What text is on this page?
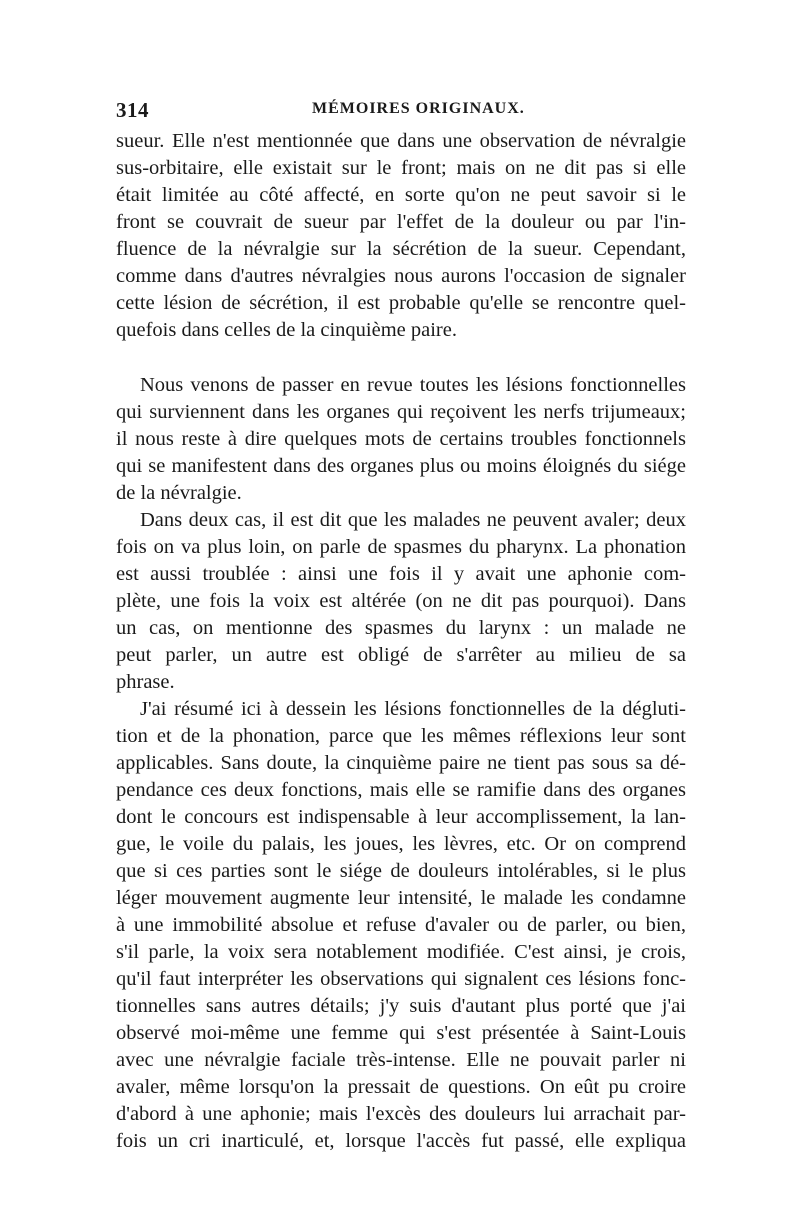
314	MÉMOIRES ORIGINAUX.
sueur. Elle n'est mentionnée que dans une observation de névralgie
sus-orbitaire, elle existait sur le front; mais on ne dit pas si elle
était limitée au côté affecté, en sorte qu'on ne peut savoir si le
front se couvrait de sueur par l'effet de la douleur ou par l'in-
fluence de la névralgie sur la sécrétion de la sueur. Cependant,
comme dans d'autres névralgies nous aurons l'occasion de signaler
cette lésion de sécrétion, il est probable qu'elle se rencontre quel-
quefois dans celles de la cinquième paire.
Nous venons de passer en revue toutes les lésions fonctionnelles
qui surviennent dans les organes qui reçoivent les nerfs trijumeaux;
il nous reste à dire quelques mots de certains troubles fonctionnels
qui se manifestent dans des organes plus ou moins éloignés du siége
de la névralgie.
Dans deux cas, il est dit que les malades ne peuvent avaler; deux
fois on va plus loin, on parle de spasmes du pharynx. La phonation
est aussi troublée : ainsi une fois il y avait une aphonie com-
plète, une fois la voix est altérée (on ne dit pas pourquoi). Dans
un cas, on mentionne des spasmes du larynx : un malade ne
peut parler, un autre est obligé de s'arrêter au milieu de sa
phrase.
J'ai résumé ici à dessein les lésions fonctionnelles de la dégluti-
tion et de la phonation, parce que les mêmes réflexions leur sont
applicables. Sans doute, la cinquième paire ne tient pas sous sa dé-
pendance ces deux fonctions, mais elle se ramifie dans des organes
dont le concours est indispensable à leur accomplissement, la lan-
gue, le voile du palais, les joues, les lèvres, etc. Or on comprend
que si ces parties sont le siége de douleurs intolérables, si le plus
léger mouvement augmente leur intensité, le malade les condamne
à une immobilité absolue et refuse d'avaler ou de parler, ou bien,
s'il parle, la voix sera notablement modifiée. C'est ainsi, je crois,
qu'il faut interpréter les observations qui signalent ces lésions fonc-
tionnelles sans autres détails; j'y suis d'autant plus porté que j'ai
observé moi-même une femme qui s'est présentée à Saint-Louis
avec une névralgie faciale très-intense. Elle ne pouvait parler ni
avaler, même lorsqu'on la pressait de questions. On eût pu croire
d'abord à une aphonie; mais l'excès des douleurs lui arrachait par-
fois un cri inarticulé, et, lorsque l'accès fut passé, elle expliqua
